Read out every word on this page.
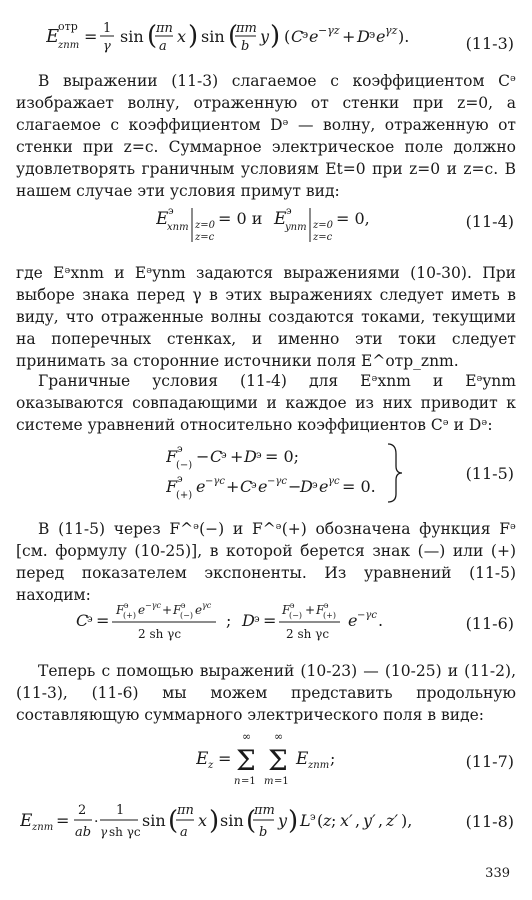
E
отр
znm = 1
γ
sin (
πn
a
x ) sin (
πm
b
y ) ( C
э e −γz + D э e γz ).	(11-3)
В выражении (11-3) слагаемое с коэффициентом Cᵊ изображает волну, отраженную от стенки при z=0, а слагаемое с коэффициентом Dᵊ — волну, отраженную от стенки при z=c. Суммарное электрическое поле должно удовлетворять граничным условиям Et=0 при z=0 и z=c. В нашем случае эти условия примут вид:
E э
xnm z=0
z=c
= 0 и E э
ynm z=0
z=c
= 0,	(11-4)
где Eᵊxnm и Eᵊynm задаются выражениями (10-30). При выборе знака перед γ в этих выражениях следует иметь в виду, что отраженные волны создаются токами, текущими на поперечных стенках, и именно эти токи следует принимать за сторонние источники поля E^отр_znm.
Граничные условия (11-4) для Eᵊxnm и Eᵊynm оказываются совпадающими и каждое из них приводит к системе уравнений относительно коэффициентов Cᵊ и Dᵊ:
F э
(−) − C
э + D э = 0;
F э
(+) e −γc + C
э e −γc −
D э e γc = 0.
(11-5)
В (11-5) через F^ᵊ(−) и F^ᵊ(+) обозначена функция Fᵊ [см. формулу (10-25)], в которой берется знак (—) или (+) перед показателем экспоненты. Из уравнений (11-5) находим:
C
э =
F э
(+) e −γc + F э
(−) e γc
2 sh γc
; D э =
F э
(−) + F э
(+)
2 sh γc
e −γc .	(11-6)
Теперь с помощью выражений (10-23) — (10-25) и (11-2), (11-3), (11-6) мы можем представить продольную составляющую суммарного электрического поля в виде:
E z =
∞
Σ
n =1
∞
Σ
m =1
E znm ;	(11-7)
E znm =
2
ab
·
1
γ sh γc
sin (
πn
a
x ) sin (
πm
b
y ) L э ( z ; x′ , y′ , z′ ),	(11-8)
339
